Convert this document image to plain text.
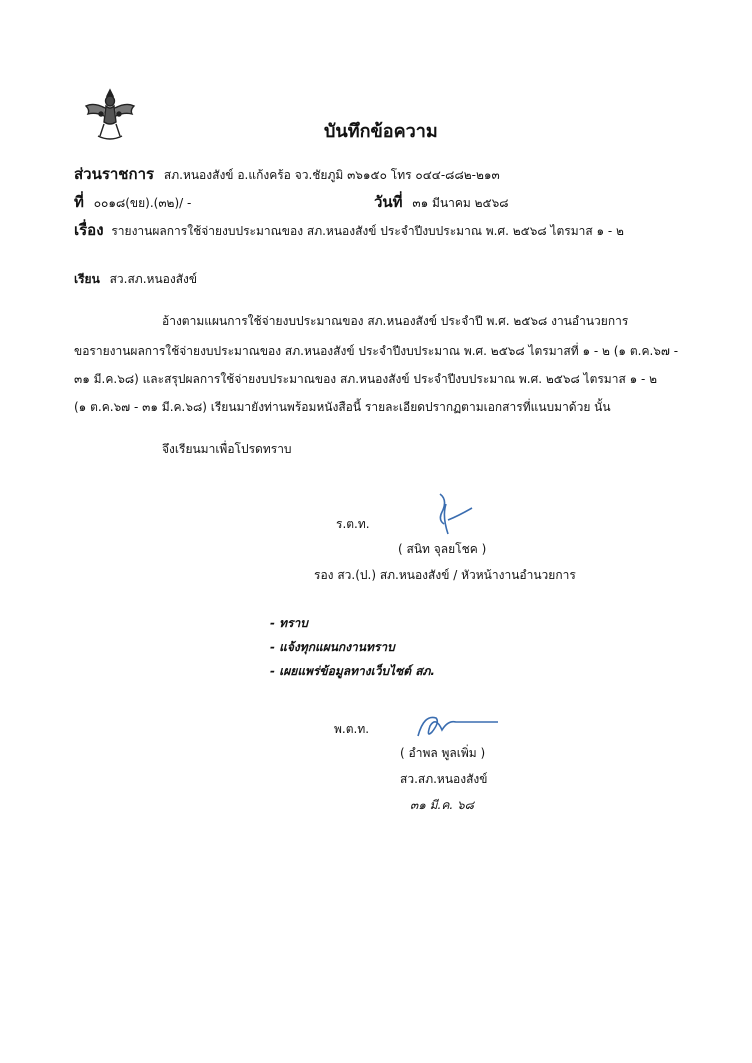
บันทึกข้อความ
ส่วนราชการ สภ.หนองสังข์ อ.แก้งคร้อ จว.ชัยภูมิ ๓๖๑๕๐ โทร ๐๔๔-๘๘๒-๒๑๓
ที่ ๐๐๑๘(ขย).(๓๒)/ -	วันที่ ๓๑ มีนาคม ๒๕๖๘
เรื่อง รายงานผลการใช้จ่ายงบประมาณของ สภ.หนองสังข์ ประจำปีงบประมาณ พ.ศ. ๒๕๖๘ ไตรมาส ๑ - ๒
เรียน สว.สภ.หนองสังข์
อ้างตามแผนการใช้จ่ายงบประมาณของ สภ.หนองสังข์ ประจำปี พ.ศ. ๒๕๖๘ งานอำนวยการ
ขอรายงานผลการใช้จ่ายงบประมาณของ สภ.หนองสังข์ ประจำปีงบประมาณ พ.ศ. ๒๕๖๘ ไตรมาสที่ ๑ - ๒ (๑ ต.ค.๖๗ -
๓๑ มี.ค.๖๘) และสรุปผลการใช้จ่ายงบประมาณของ สภ.หนองสังข์ ประจำปีงบประมาณ พ.ศ. ๒๕๖๘ ไตรมาส ๑ - ๒
(๑ ต.ค.๖๗ - ๓๑ มี.ค.๖๘) เรียนมายังท่านพร้อมหนังสือนี้ รายละเอียดปรากฏตามเอกสารที่แนบมาด้วย นั้น
จึงเรียนมาเพื่อโปรดทราบ
ร.ต.ท.
( สนิท จุลยโชค )
รอง สว.(ป.) สภ.หนองสังข์ / หัวหน้างานอำนวยการ
- ทราบ
- แจ้งทุกแผนกงานทราบ
- เผยแพร่ข้อมูลทางเว็บไซต์ สภ.
พ.ต.ท.
( อำพล พูลเพิ่ม )
สว.สภ.หนองสังข์
๓๑ มี.ค. ๖๘
